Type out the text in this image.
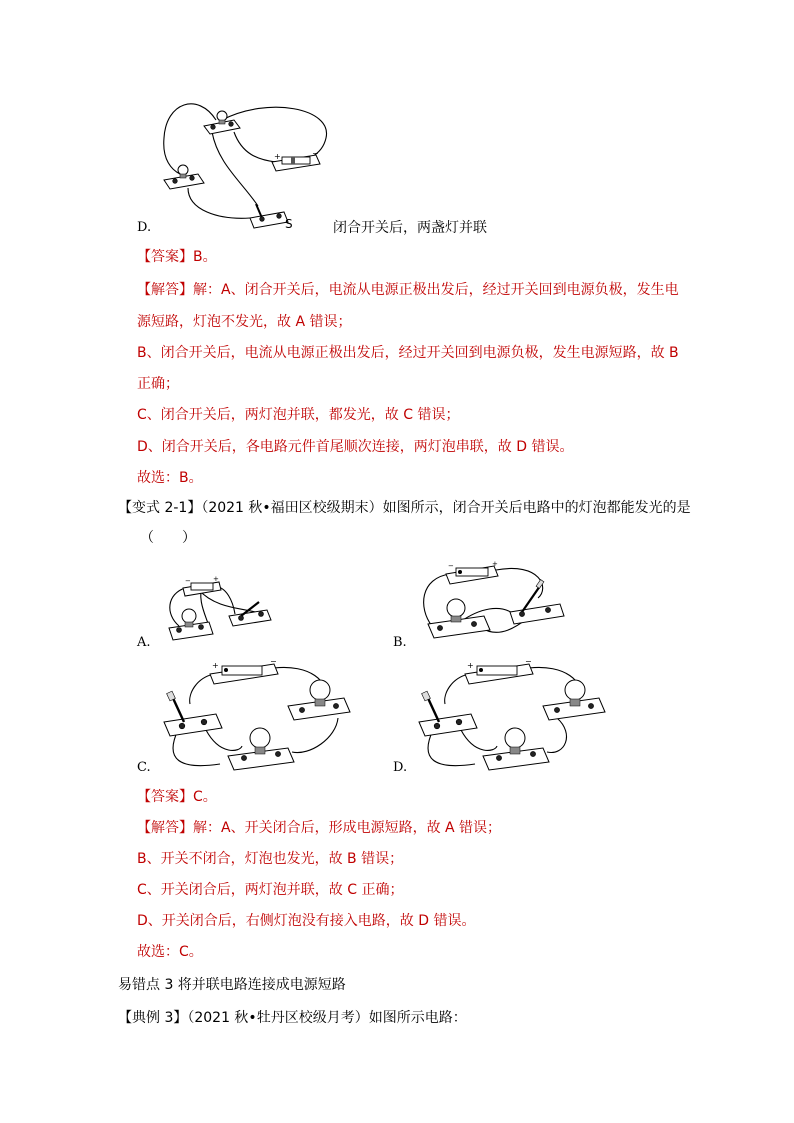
+	−
S
D.	闭合开关后，两盏灯并联
【答案】B。
【解答】解：A、闭合开关后，电流从电源正极出发后，经过开关回到电源负极，发生电
源短路，灯泡不发光，故 A 错误；
B、闭合开关后，电流从电源正极出发后，经过开关回到电源负极，发生电源短路，故 B
正确；
C、闭合开关后，两灯泡并联，都发光，故 C 错误；
D、闭合开关后，各电路元件首尾顺次连接，两灯泡串联，故 D 错误。
故选：B。
【变式 2-1】（2021 秋•福田区校级期末）如图所示，闭合开关后电路中的灯泡都能发光的是
（　　）
−	+
A.
−	+
B.
+	−
C.
+	−
D.
【答案】C。
【解答】解：A、开关闭合后，形成电源短路，故 A 错误；
B、开关不闭合，灯泡也发光，故 B 错误；
C、开关闭合后，两灯泡并联，故 C 正确；
D、开关闭合后，右侧灯泡没有接入电路，故 D 错误。
故选：C。
易错点 3 将并联电路连接成电源短路
【典例 3】（2021 秋•牡丹区校级月考）如图所示电路：
